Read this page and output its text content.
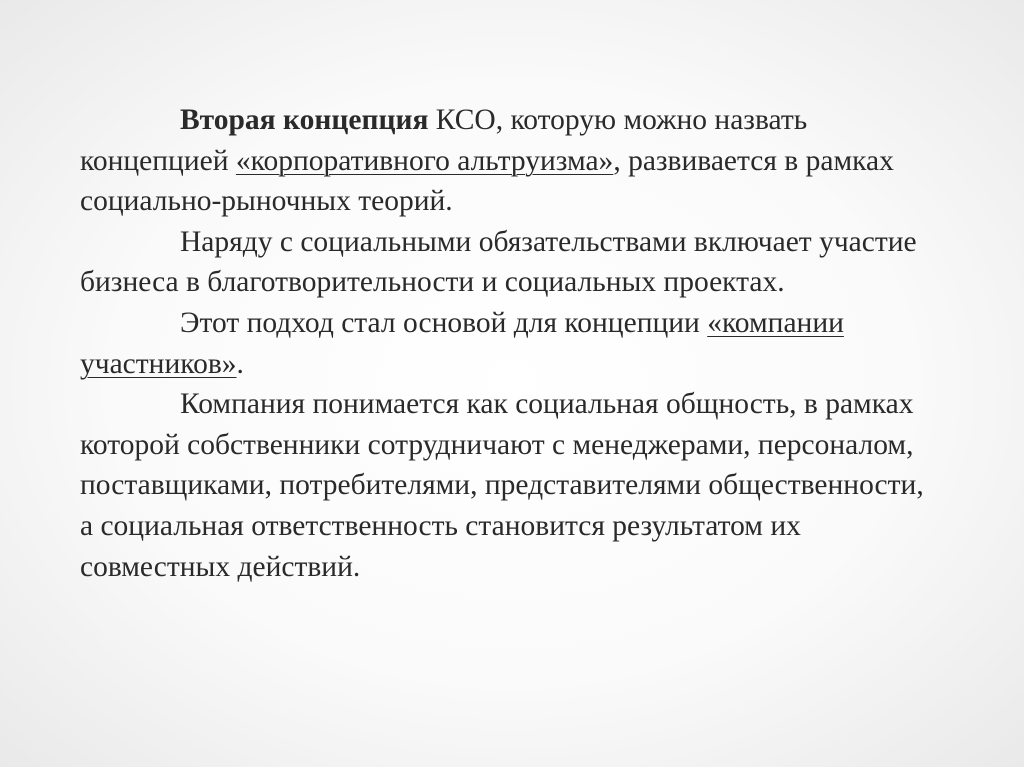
Вторая концепция КСО, которую можно назвать концепцией «корпоративного альтруизма», развивается в рамках социально-рыночных теорий.

Наряду с социальными обязательствами включает участие бизнеса в благотворительности и социальных проектах.

Этот подход стал основой для концепции «компании участников».

Компания понимается как социальная общность, в рамках которой собственники сотрудничают с менеджерами, персоналом, поставщиками, потребителями, представителями общественности, а социальная ответственность становится результатом их совместных действий.
